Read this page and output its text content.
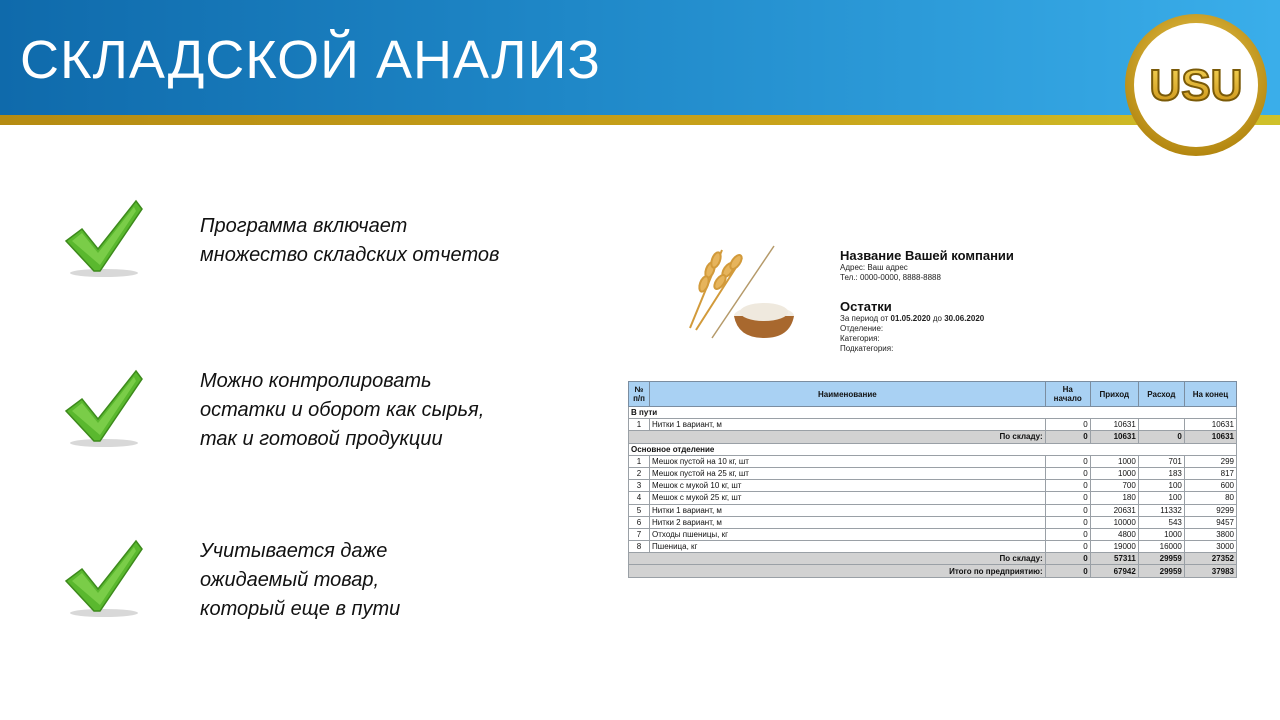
СКЛАДСКОЙ АНАЛИЗ	USU
Программа включает
множество складских отчетов
Можно контролировать
остатки и оборот как сырья,
так и готовой продукции
Учитывается даже
ожидаемый товар,
который еще в пути
Название Вашей компании
Адрес: Ваш адрес
Тел.: 0000-0000, 8888-8888
Остатки
За период от 01.05.2020 до 30.06.2020
Отделение:
Категория:
Подкатегория:
№ п/п	Наименование	На начало	Приход	Расход	На конец
В пути					
1	Нитки 1 вариант, м	0	10631		10631
По складу:		0	10631	0	10631
Основное отделение					
1	Мешок пустой на 10 кг, шт	0	1000	701	299
2	Мешок пустой на 25 кг, шт	0	1000	183	817
3	Мешок с мукой 10 кг, шт	0	700	100	600
4	Мешок с мукой 25 кг, шт	0	180	100	80
5	Нитки 1 вариант, м	0	20631	11332	9299
6	Нитки 2 вариант, м	0	10000	543	9457
7	Отходы пшеницы, кг	0	4800	1000	3800
8	Пшеница, кг	0	19000	16000	3000
По складу:		0	57311	29959	27352
Итого по предприятию:		0	67942	29959	37983
